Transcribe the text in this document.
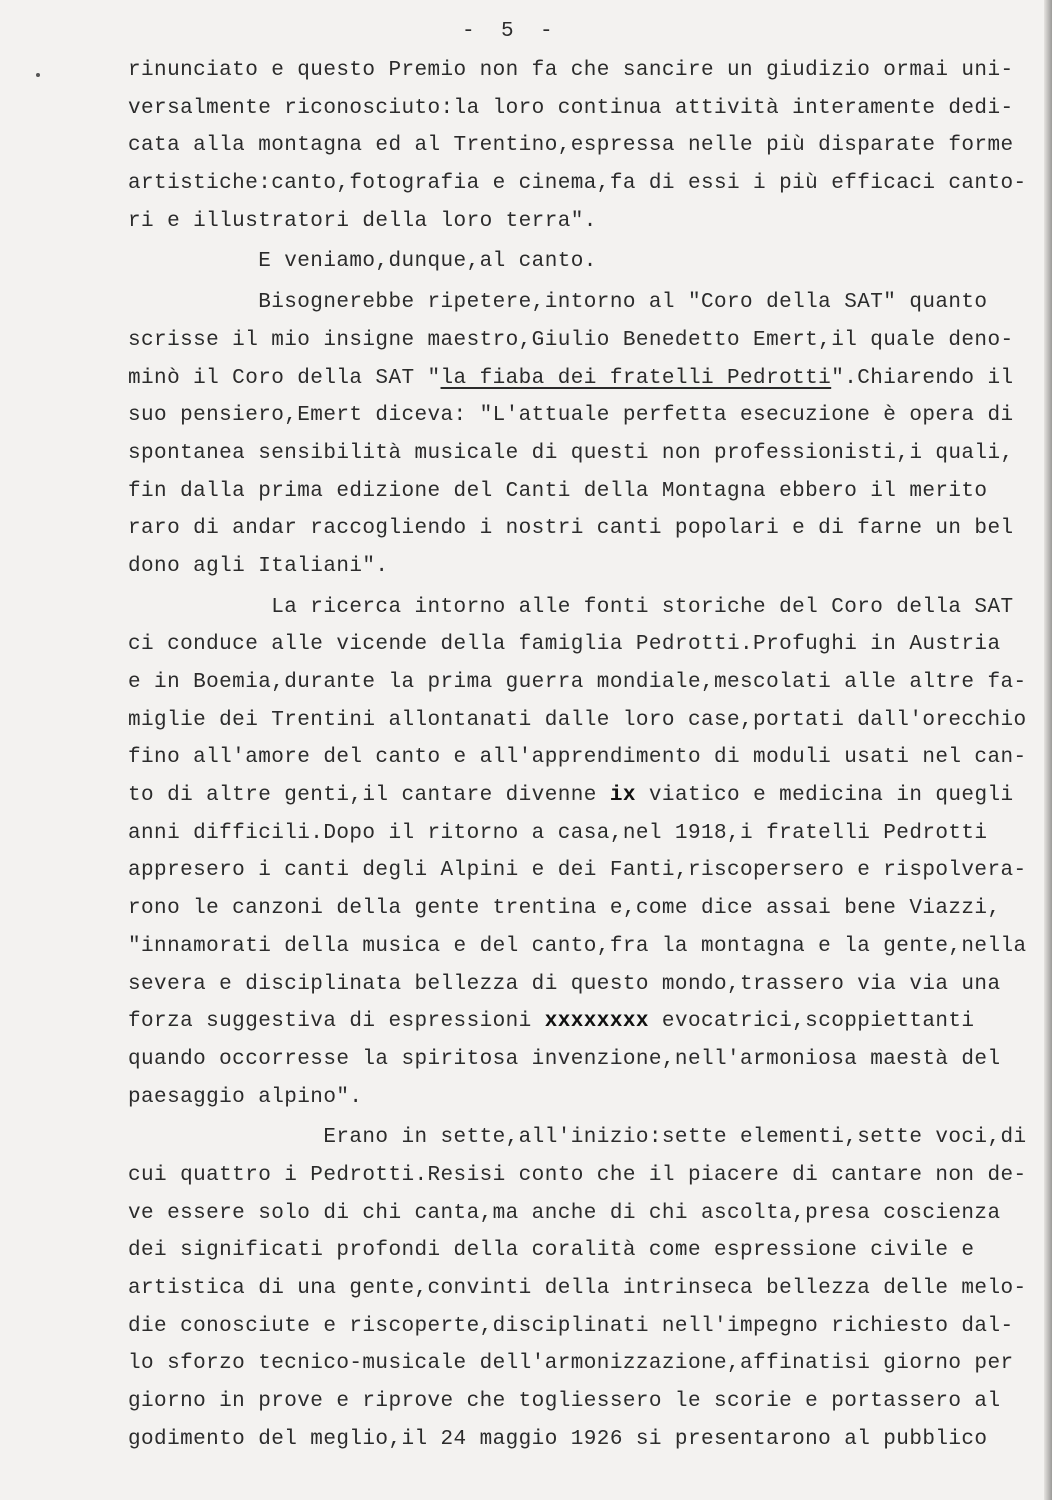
-  5  -
rinunciato e questo Premio non fa che sancire un giudizio ormai uni-
versalmente riconosciuto:la loro continua attività interamente dedi-
cata alla montagna ed al Trentino,espressa nelle più disparate forme
artistiche:canto,fotografia e cinema,fa di essi i più efficaci canto-
ri e illustratori della loro terra".
E veniamo,dunque,al canto.
Bisognerebbe ripetere,intorno al "Coro della SAT" quanto
scrisse il mio insigne maestro,Giulio Benedetto Emert,il quale deno-
minò il Coro della SAT "la fiaba dei fratelli Pedrotti".Chiarendo il
suo pensiero,Emert diceva: "L'attuale perfetta esecuzione è opera di
spontanea sensibilità musicale di questi non professionisti,i quali,
fin dalla prima edizione del Canti della Montagna ebbero il merito
raro di andar raccogliendo i nostri canti popolari e di farne un bel
dono agli Italiani".
La ricerca intorno alle fonti storiche del Coro della SAT
ci conduce alle vicende della famiglia Pedrotti.Profughi in Austria
e in Boemia,durante la prima guerra mondiale,mescolati alle altre fa-
miglie dei Trentini allontanati dalle loro case,portati dall'orecchio
fino all'amore del canto e all'apprendimento di moduli usati nel can-
to di altre genti,il cantare divenne ix viatico e medicina in quegli
anni difficili.Dopo il ritorno a casa,nel 1918,i fratelli Pedrotti
appresero i canti degli Alpini e dei Fanti,riscopersero e rispolvera-
rono le canzoni della gente trentina e,come dice assai bene Viazzi,
"innamorati della musica e del canto,fra la montagna e la gente,nella
severa e disciplinata bellezza di questo mondo,trassero via via una
forza suggestiva di espressioni xxxxxxxx evocatrici,scoppiettanti
quando occorresse la spiritosa invenzione,nell'armoniosa maestà del
paesaggio alpino".
Erano in sette,all'inizio:sette elementi,sette voci,di
cui quattro i Pedrotti.Resisi conto che il piacere di cantare non de-
ve essere solo di chi canta,ma anche di chi ascolta,presa coscienza
dei significati profondi della coralità come espressione civile e
artistica di una gente,convinti della intrinseca bellezza delle melo-
die conosciute e riscoperte,disciplinati nell'impegno richiesto dal-
lo sforzo tecnico-musicale dell'armonizzazione,affinatisi giorno per
giorno in prove e riprove che togliessero le scorie e portassero al
godimento del meglio,il 24 maggio 1926 si presentarono al pubblico
